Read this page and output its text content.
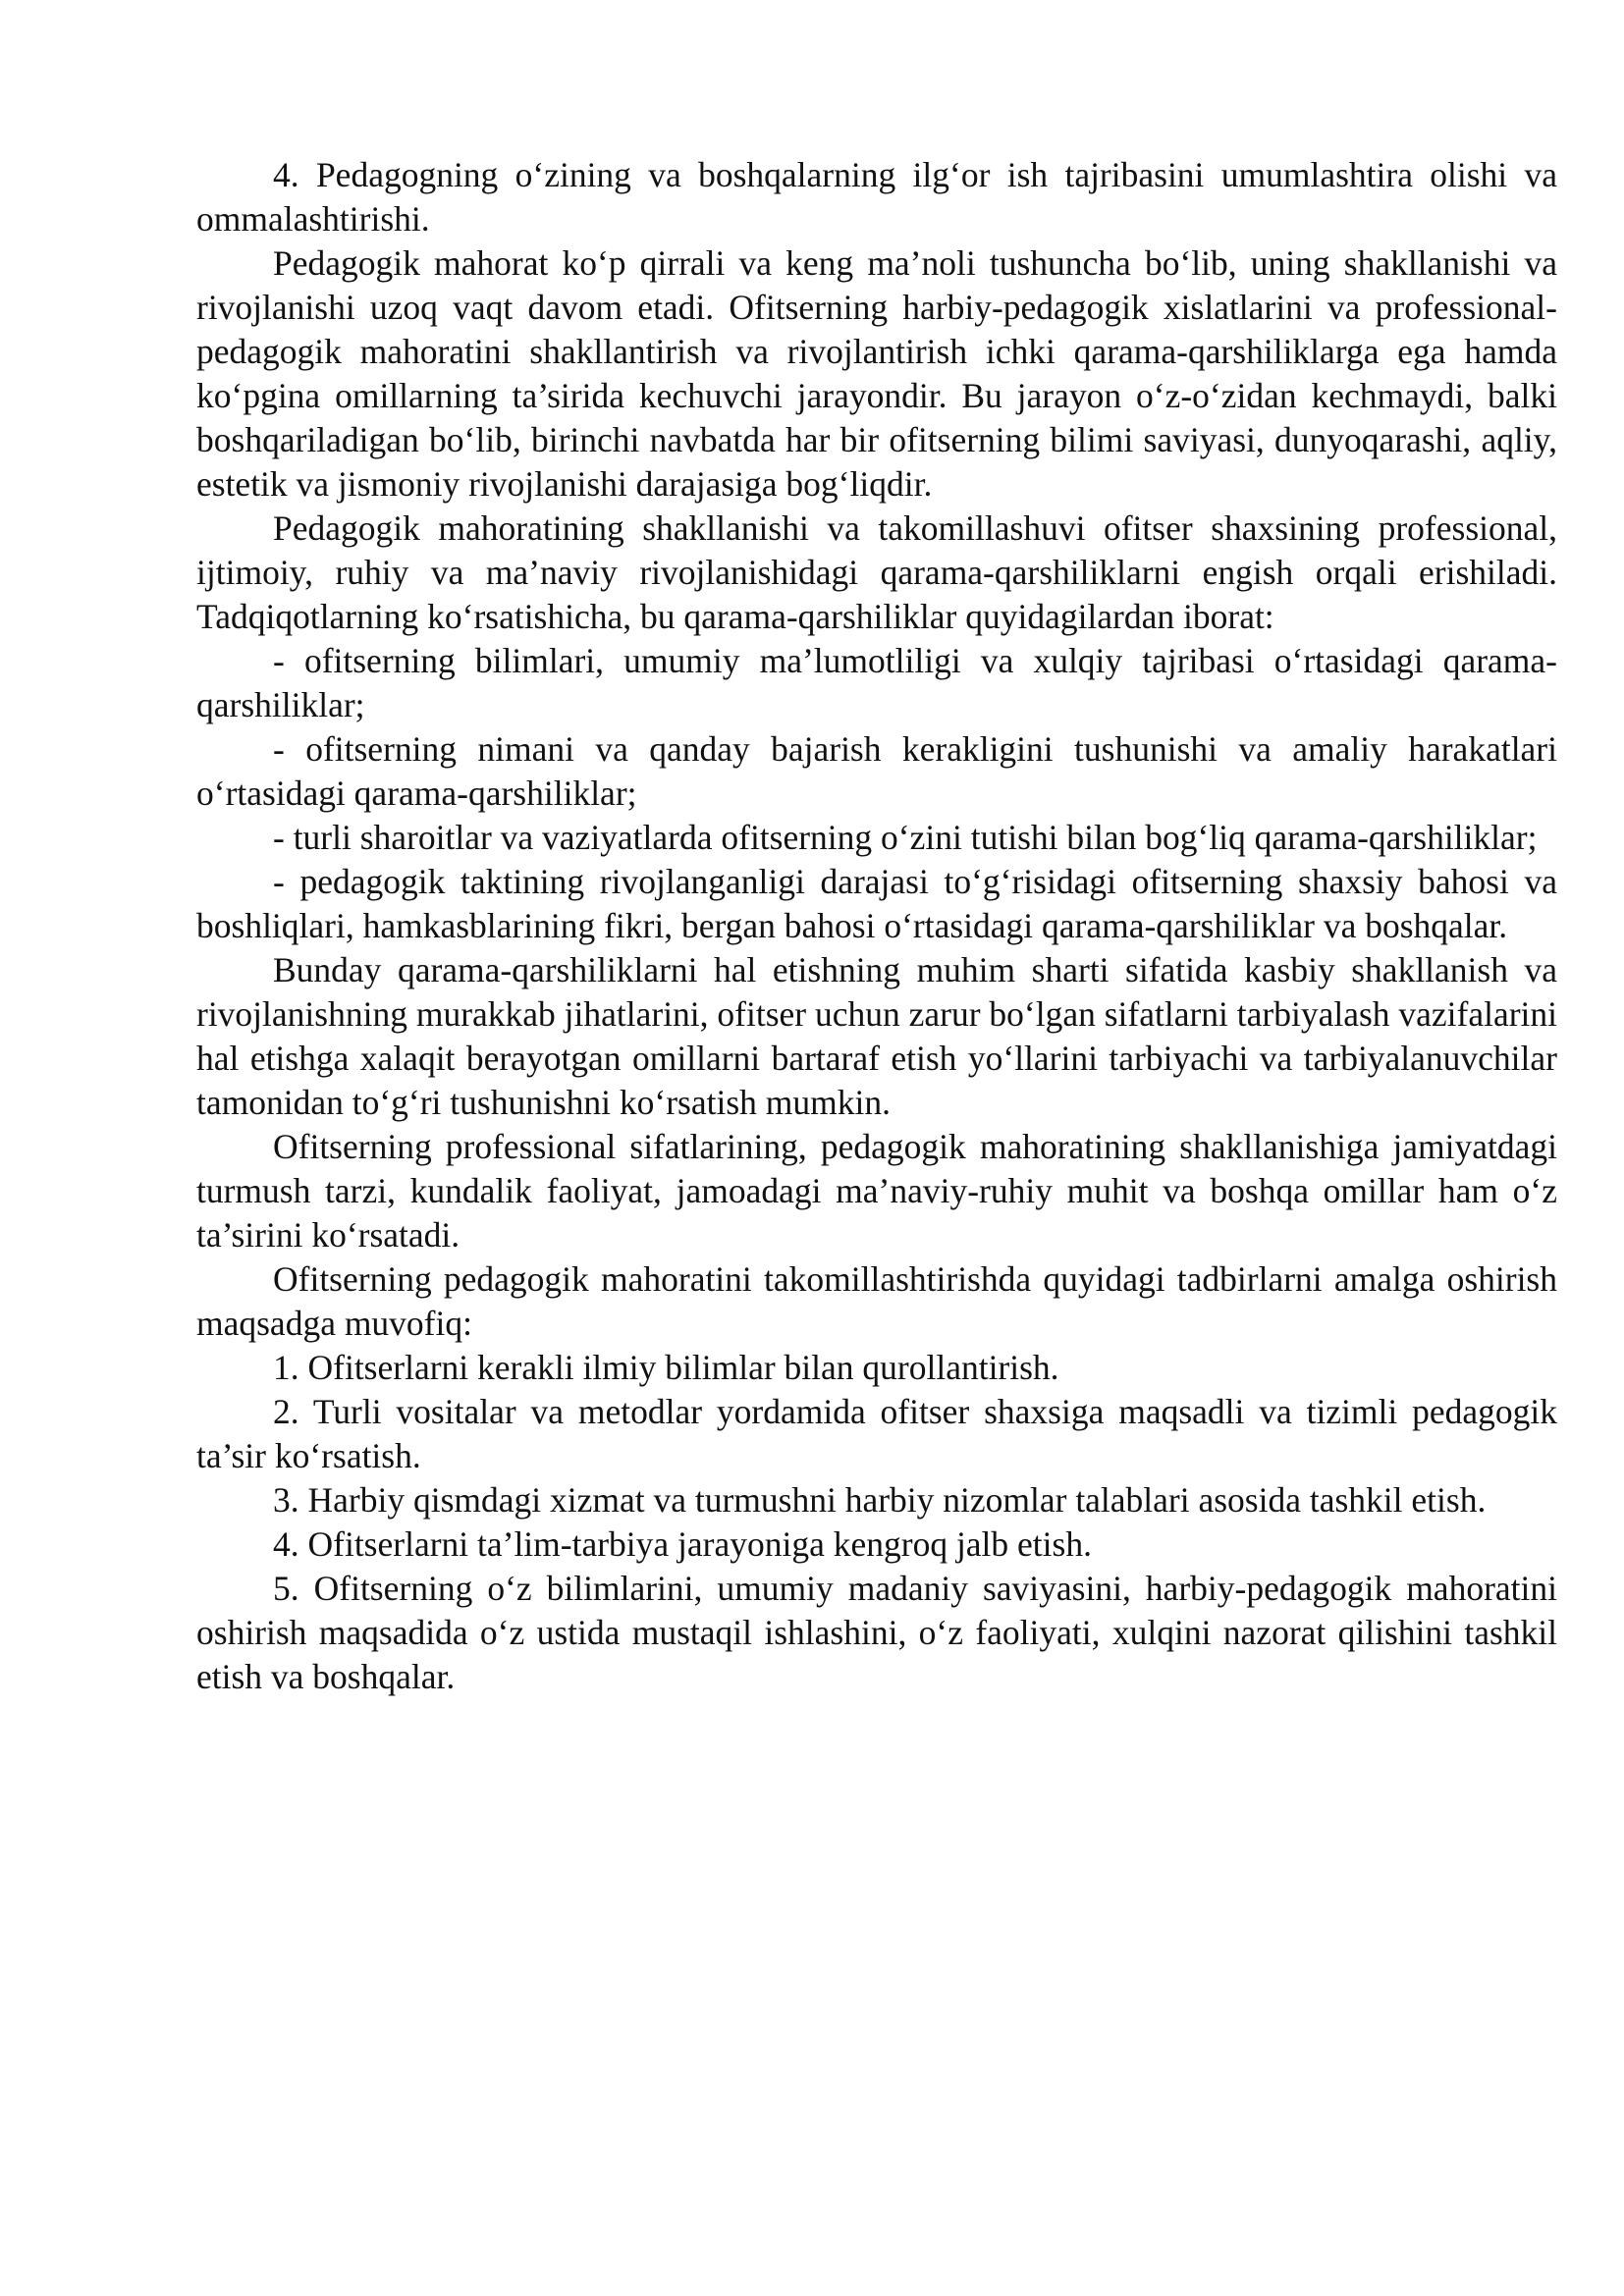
4. Pedagogning o‘zining va boshqalarning ilg‘or ish tajribasini umumlashtira olishi va ommalashtirishi.

Pedagogik mahorat ko‘p qirrali va keng ma’noli tushuncha bo‘lib, uning shakllanishi va rivojlanishi uzoq vaqt davom etadi. Ofitserning harbiy-pedagogik xislatlarini va professional-pedagogik mahoratini shakllantirish va rivojlantirish ichki qarama-qarshiliklarga ega hamda ko‘pgina omillarning ta’sirida kechuvchi jarayondir. Bu jarayon o‘z-o‘zidan kechmaydi, balki boshqariladigan bo‘lib, birinchi navbatda har bir ofitserning bilimi saviyasi, dunyoqarashi, aqliy, estetik va jismoniy rivojlanishi darajasiga bog‘liqdir.

Pedagogik mahoratining shakllanishi va takomillashuvi ofitser shaxsining professional, ijtimoiy, ruhiy va ma’naviy rivojlanishidagi qarama-qarshiliklarni engish orqali erishiladi. Tadqiqotlarning ko‘rsatishicha, bu qarama-qarshiliklar quyidagilardan iborat:

- ofitserning bilimlari, umumiy ma’lumotliligi va xulqiy tajribasi o‘rtasidagi qarama-qarshiliklar;

- ofitserning nimani va qanday bajarish kerakligini tushunishi va amaliy harakatlari o‘rtasidagi qarama-qarshiliklar;

- turli sharoitlar va vaziyatlarda ofitserning o‘zini tutishi bilan bog‘liq qarama-qarshiliklar;

- pedagogik taktining rivojlanganligi darajasi to‘g‘risidagi ofitserning shaxsiy bahosi va boshliqlari, hamkasblarining fikri, bergan bahosi o‘rtasidagi qarama-qarshiliklar va boshqalar.

Bunday qarama-qarshiliklarni hal etishning muhim sharti sifatida kasbiy shakllanish va rivojlanishning murakkab jihatlarini, ofitser uchun zarur bo‘lgan sifatlarni tarbiyalash vazifalarini hal etishga xalaqit berayotgan omillarni bartaraf etish yo‘llarini tarbiyachi va tarbiyalanuvchilar tamonidan to‘g‘ri tushunishni ko‘rsatish mumkin.

Ofitserning professional sifatlarining, pedagogik mahoratining shakllanishiga jamiyatdagi turmush tarzi, kundalik faoliyat, jamoadagi ma’naviy-ruhiy muhit va boshqa omillar ham o‘z ta’sirini ko‘rsatadi.

Ofitserning pedagogik mahoratini takomillashtirishda quyidagi tadbirlarni amalga oshirish maqsadga muvofiq:

1. Ofitserlarni kerakli ilmiy bilimlar bilan qurollantirish.

2. Turli vositalar va metodlar yordamida ofitser shaxsiga maqsadli va tizimli pedagogik ta’sir ko‘rsatish.

3. Harbiy qismdagi xizmat va turmushni harbiy nizomlar talablari asosida tashkil etish.

4. Ofitserlarni ta’lim-tarbiya jarayoniga kengroq jalb etish.

5. Ofitserning o‘z bilimlarini, umumiy madaniy saviyasini, harbiy-pedagogik mahoratini oshirish maqsadida o‘z ustida mustaqil ishlashini, o‘z faoliyati, xulqini nazorat qilishini tashkil etish va boshqalar.
